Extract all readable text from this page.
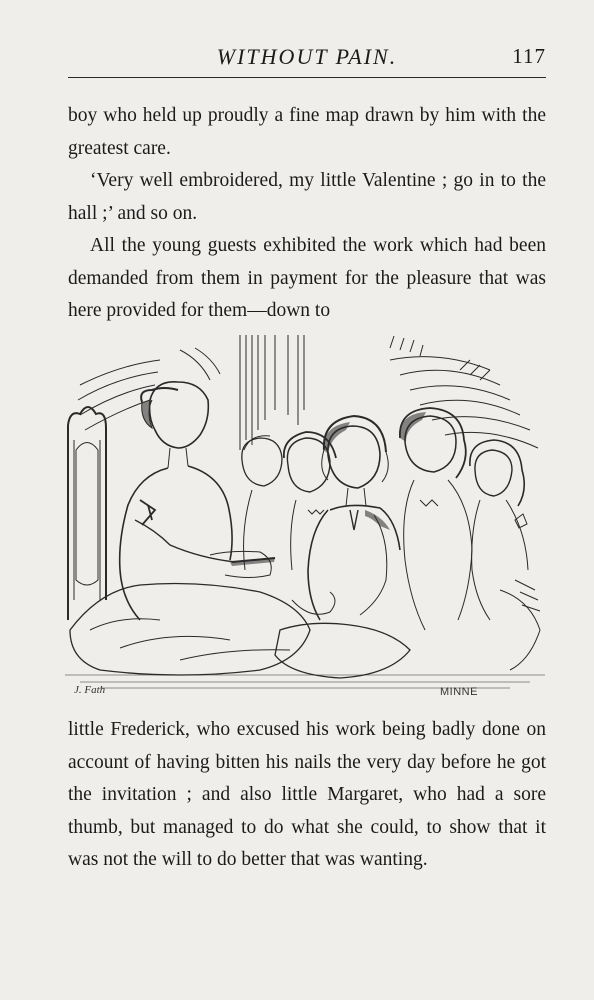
WITHOUT PAIN.	117

boy who held up proudly a fine map drawn by him with the greatest care.

‘Very well embroidered, my little Valentine ; go in to the hall ;’ and so on.

All the young guests exhibited the work which had been demanded from them in payment for the pleasure that was here provided for them—down to

J. Fath	MINNE

little Frederick, who excused his work being badly done on account of having bitten his nails the very day before he got the invitation ; and also little Margaret, who had a sore thumb, but managed to do what she could, to show that it was not the will to do better that was wanting.
